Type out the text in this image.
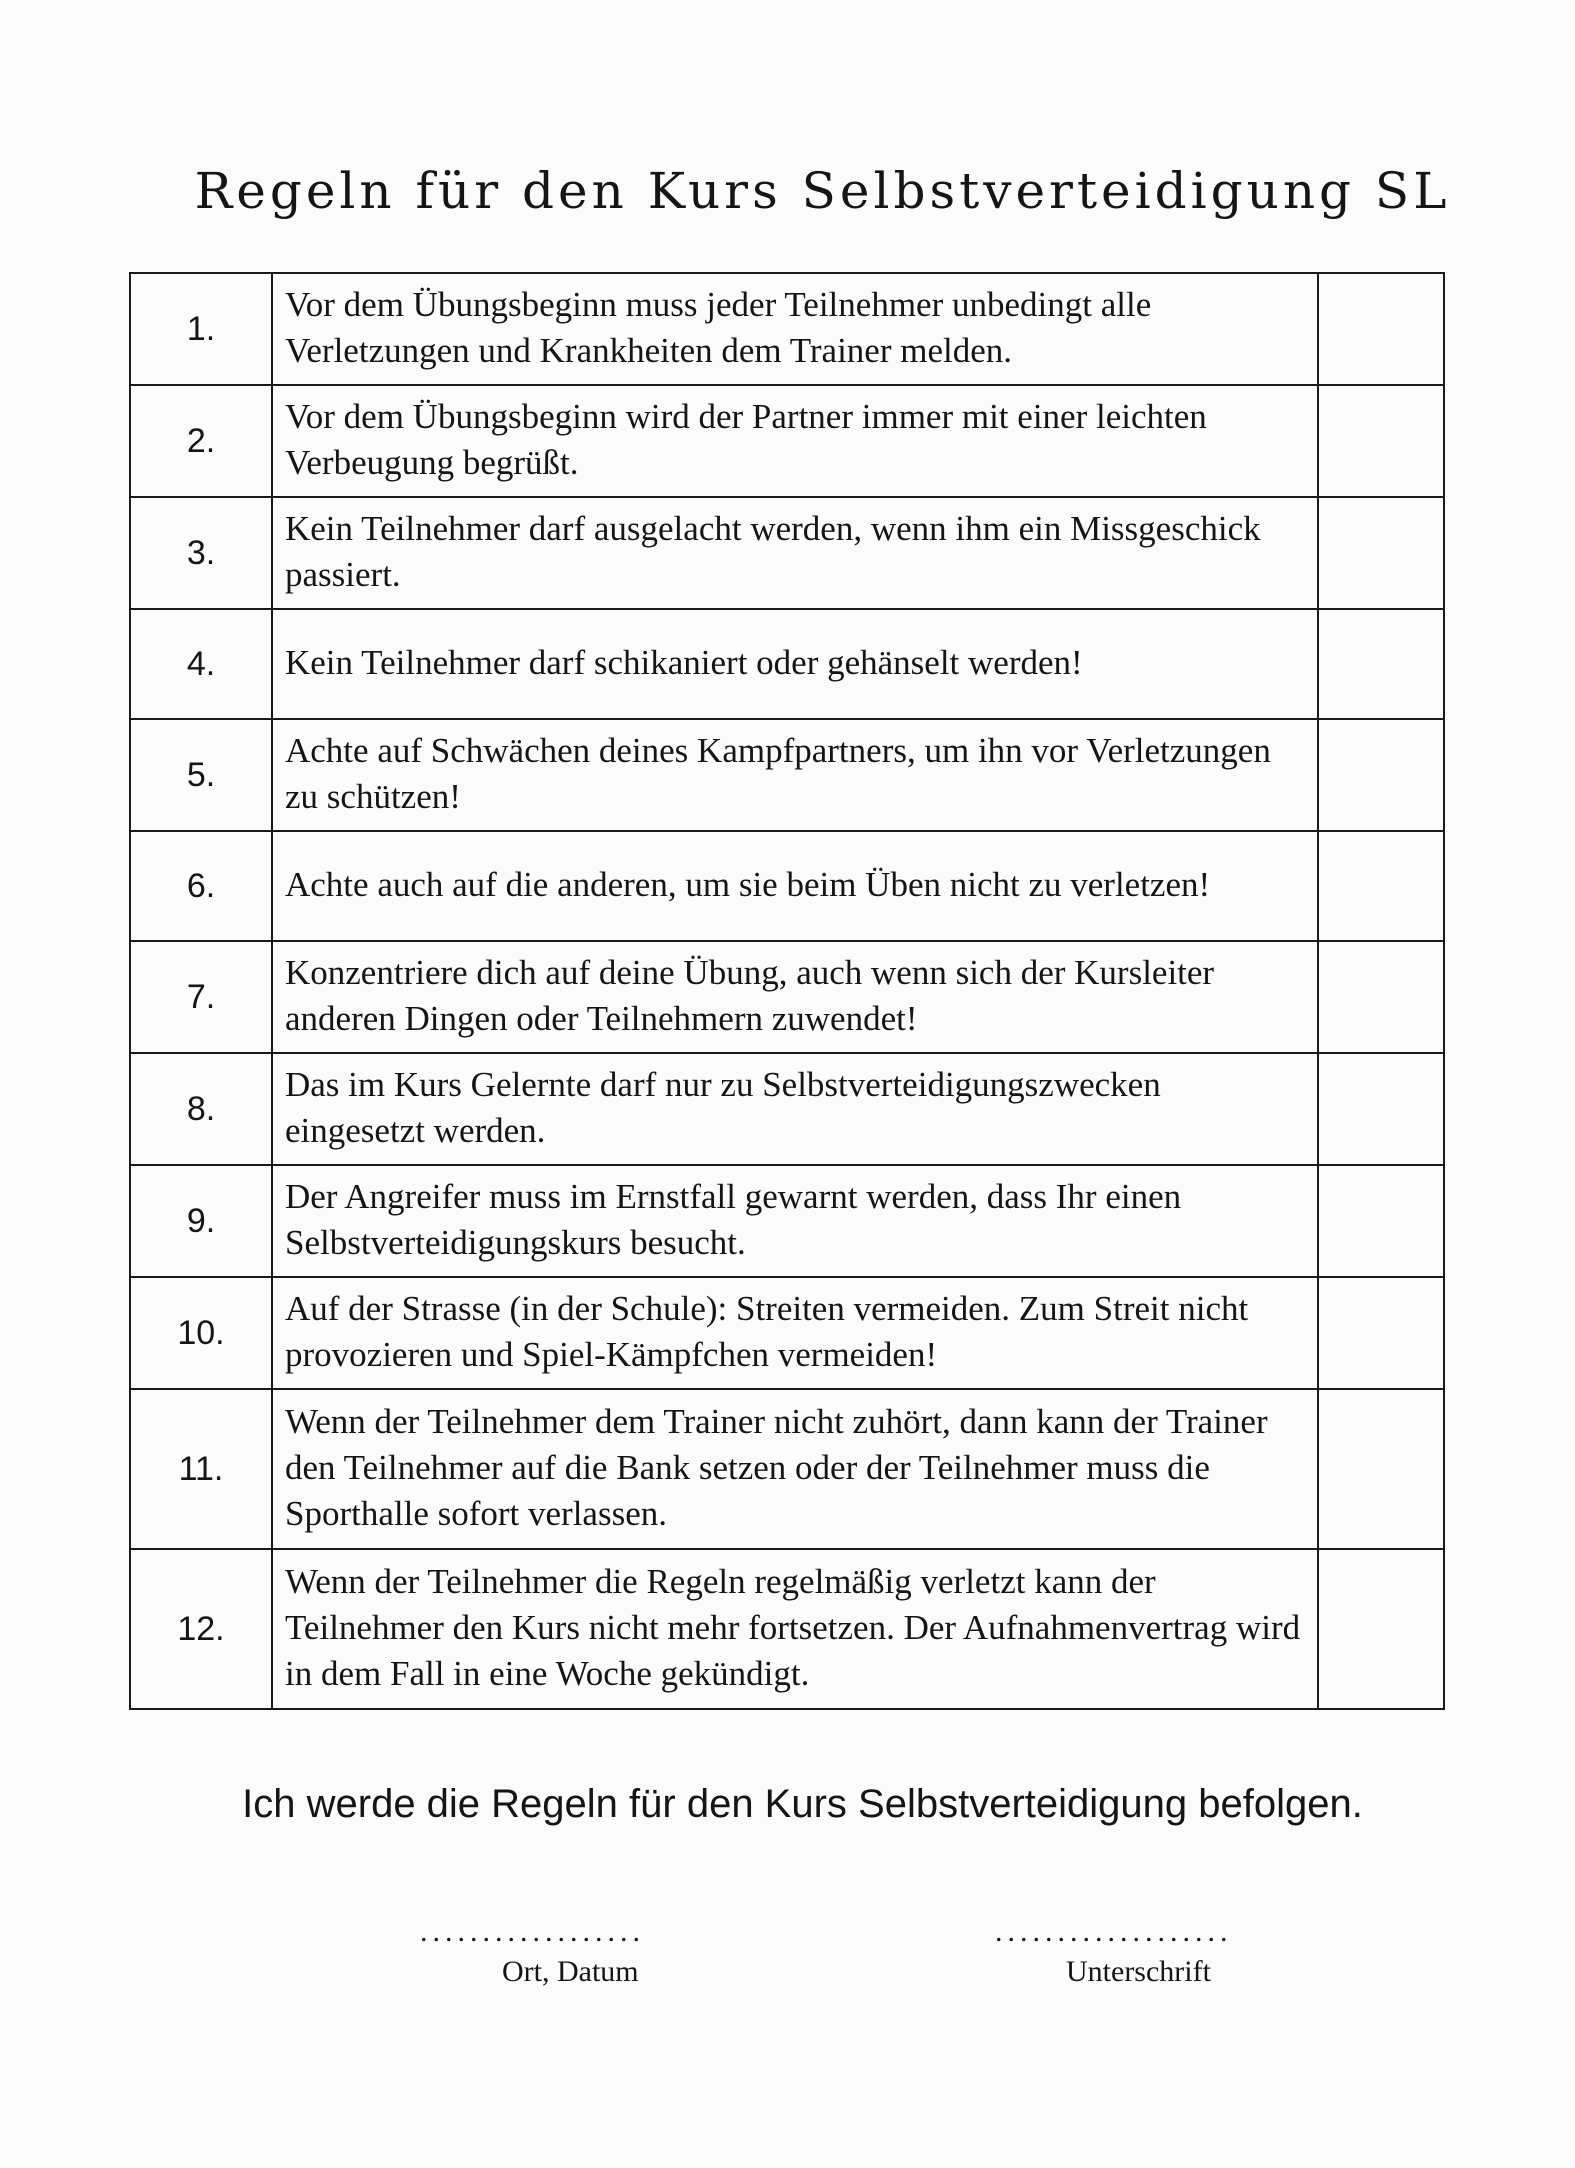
Regeln für den Kurs Selbstverteidigung SL
1.	Vor dem Übungsbeginn muss jeder Teilnehmer unbedingt alle Verletzungen und Krankheiten dem Trainer melden.	
2.	Vor dem Übungsbeginn wird der Partner immer mit einer leichten Verbeugung begrüßt.	
3.	Kein Teilnehmer darf ausgelacht werden, wenn ihm ein Missgeschick passiert.	
4.	Kein Teilnehmer darf schikaniert oder gehänselt werden!	
5.	Achte auf Schwächen deines Kampfpartners, um ihn vor Verletzungen zu schützen!	
6.	Achte auch auf die anderen, um sie beim Üben nicht zu verletzen!	
7.	Konzentriere dich auf deine Übung, auch wenn sich der Kursleiter anderen Dingen oder Teilnehmern zuwendet!	
8.	Das im Kurs Gelernte darf nur zu Selbstverteidigungszwecken eingesetzt werden.	
9.	Der Angreifer muss im Ernstfall gewarnt werden, dass Ihr einen Selbstverteidigungskurs besucht.	
10.	Auf der Strasse (in der Schule): Streiten vermeiden. Zum Streit nicht provozieren und Spiel-Kämpfchen vermeiden!	
11.	Wenn der Teilnehmer dem Trainer nicht zuhört, dann kann der Trainer den Teilnehmer auf die Bank setzen oder der Teilnehmer muss die Sporthalle sofort verlassen.	
12.	Wenn der Teilnehmer die Regeln regelmäßig verletzt kann der Teilnehmer den Kurs nicht mehr fortsetzen. Der Aufnahmenvertrag wird in dem Fall in eine Woche gekündigt.	
Ich werde die Regeln für den Kurs Selbstverteidigung befolgen.
..................	...................
Ort, Datum	Unterschrift
